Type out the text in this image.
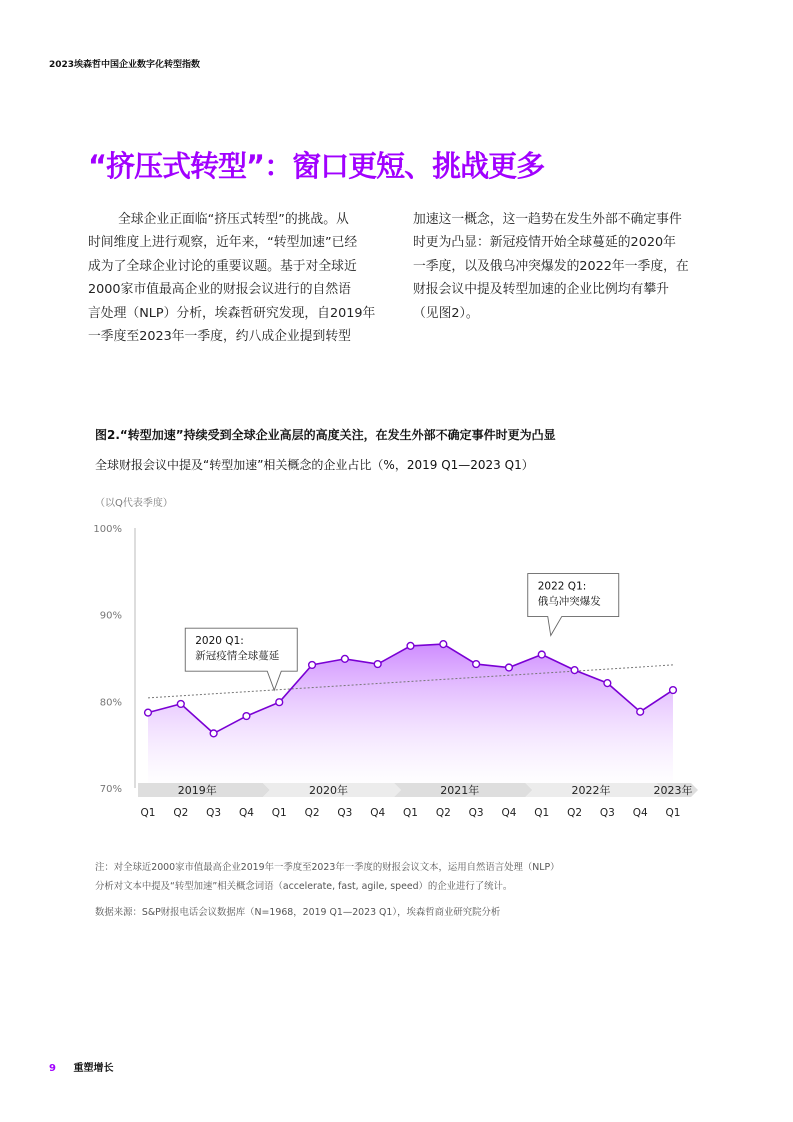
2023埃森哲中国企业数字化转型指数
“挤压式转型”：窗口更短、挑战更多
全球企业正面临“挤压式转型”的挑战。从
时间维度上进行观察，近年来，“转型加速”已经
成为了全球企业讨论的重要议题。基于对全球近
2000家市值最高企业的财报会议进行的自然语
言处理（NLP）分析，埃森哲研究发现，自2019年
一季度至2023年一季度，约八成企业提到转型
加速这一概念，这一趋势在发生外部不确定事件
时更为凸显：新冠疫情开始全球蔓延的2020年
一季度，以及俄乌冲突爆发的2022年一季度，在
财报会议中提及转型加速的企业比例均有攀升
（见图2）。
图2.“转型加速”持续受到全球企业高层的高度关注，在发生外部不确定事件时更为凸显
全球财报会议中提及“转型加速”相关概念的企业占比（%，2019 Q1—2023 Q1）
（以Q代表季度）
100%
90%
80%
70%	2019年	2020年	2021年	2022年	2023年
Q1 Q2 Q3 Q4 Q1 Q2 Q3 Q4 Q1 Q2 Q3 Q4 Q1 Q2 Q3 Q4 Q1
2020 Q1:
新冠疫情全球蔓延
2022 Q1:
俄乌冲突爆发
注：对全球近2000家市值最高企业2019年一季度至2023年一季度的财报会议文本，运用自然语言处理（NLP）
分析对文本中提及“转型加速”相关概念词语（accelerate, fast, agile, speed）的企业进行了统计。
数据来源：S&P财报电话会议数据库（N=1968，2019 Q1—2023 Q1），埃森哲商业研究院分析
9 重塑增长
